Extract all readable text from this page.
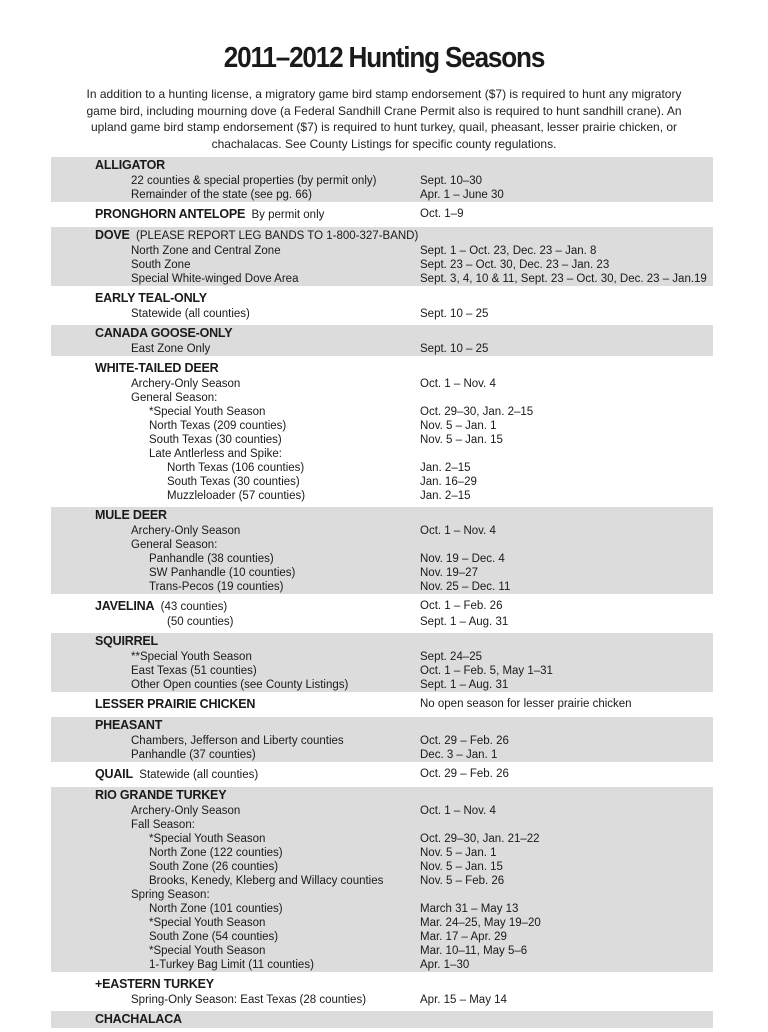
2011–2012 Hunting Seasons

In addition to a hunting license, a migratory game bird stamp endorsement ($7) is required to hunt any migratory game bird, including mourning dove (a Federal Sandhill Crane Permit also is required to hunt sandhill crane). An upland game bird stamp endorsement ($7) is required to hunt turkey, quail, pheasant, lesser prairie chicken, or chachalacas. See County Listings for specific county regulations.

ALLIGATOR
22 counties & special properties (by permit only)	Sept. 10–30
Remainder of the state (see pg. 66)	Apr. 1 – June 30
PRONGHORN ANTELOPE  By permit only	Oct. 1–9
DOVE  (PLEASE REPORT LEG BANDS TO 1-800-327-BAND)
North Zone and Central Zone	Sept. 1 – Oct. 23, Dec. 23 – Jan. 8
South Zone	Sept. 23 – Oct. 30, Dec. 23 – Jan. 23
Special White-winged Dove Area	Sept. 3, 4, 10 & 11, Sept. 23 – Oct. 30, Dec. 23 – Jan.19
EARLY TEAL-ONLY
Statewide (all counties)	Sept. 10 – 25
CANADA GOOSE-ONLY
East Zone Only	Sept. 10 – 25
WHITE-TAILED DEER
Archery-Only Season	Oct. 1 – Nov. 4
General Season:
*Special Youth Season	Oct. 29–30, Jan. 2–15
North Texas (209 counties)	Nov. 5 – Jan. 1
South Texas (30 counties)	Nov. 5 – Jan. 15
Late Antlerless and Spike:
North Texas (106 counties)	Jan. 2–15
South Texas (30 counties)	Jan. 16–29
Muzzleloader (57 counties)	Jan. 2–15
MULE DEER
Archery-Only Season	Oct. 1 – Nov. 4
General Season:
Panhandle (38 counties)	Nov. 19 – Dec. 4
SW Panhandle (10 counties)	Nov. 19–27
Trans-Pecos (19 counties)	Nov. 25 – Dec. 11
JAVELINA  (43 counties)	Oct. 1 – Feb. 26
(50 counties)	Sept. 1 – Aug. 31
SQUIRREL
**Special Youth Season	Sept. 24–25
East Texas (51 counties)	Oct. 1 – Feb. 5, May 1–31
Other Open counties (see County Listings)	Sept. 1 – Aug. 31
LESSER PRAIRIE CHICKEN	No open season for lesser prairie chicken
PHEASANT
Chambers, Jefferson and Liberty counties	Oct. 29 – Feb. 26
Panhandle (37 counties)	Dec. 3 – Jan. 1
QUAIL  Statewide (all counties)	Oct. 29 – Feb. 26
RIO GRANDE TURKEY
Archery-Only Season	Oct. 1 – Nov. 4
Fall Season:
*Special Youth Season	Oct. 29–30, Jan. 21–22
North Zone (122 counties)	Nov. 5 – Jan. 1
South Zone (26 counties)	Nov. 5 – Jan. 15
Brooks, Kenedy, Kleberg and Willacy counties	Nov. 5 – Feb. 26
Spring Season:
North Zone (101 counties)	March 31 – May 13
*Special Youth Season	Mar. 24–25, May 19–20
South Zone (54 counties)	Mar. 17 – Apr. 29
*Special Youth Season	Mar. 10–11, May 5–6
1-Turkey Bag Limit (11 counties)	Apr. 1–30
+EASTERN TURKEY
Spring-Only Season: East Texas (28 counties)	Apr. 15 – May 14
CHACHALACA
